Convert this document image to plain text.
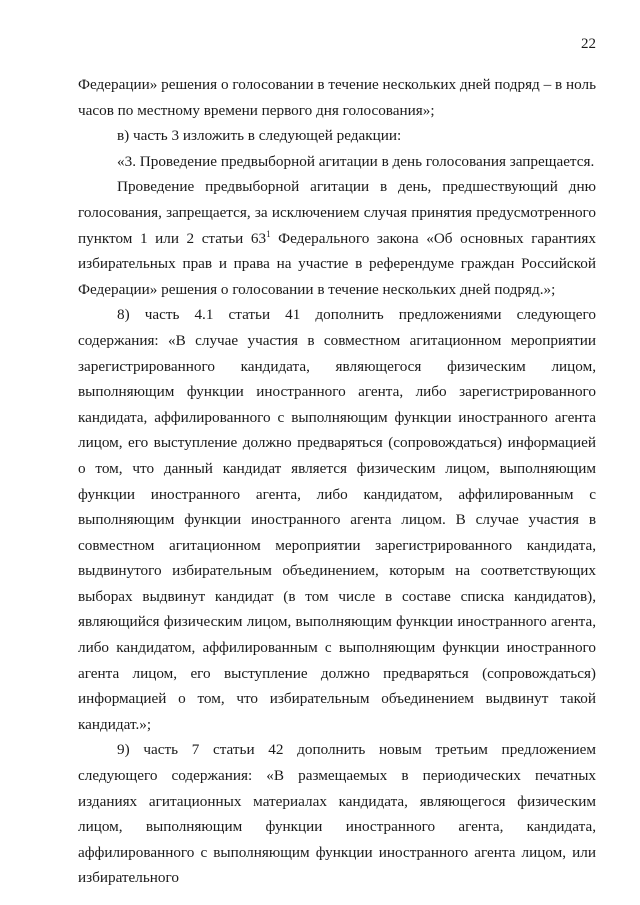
22

Федерации» решения о голосовании в течение нескольких дней подряд – в ноль часов по местному времени первого дня голосования»;

в) часть 3 изложить в следующей редакции:

«3. Проведение предвыборной агитации в день голосования запрещается.

Проведение предвыборной агитации в день, предшествующий дню голосования, запрещается, за исключением случая принятия предусмотренного пунктом 1 или 2 статьи $63^1$ Федерального закона «Об основных гарантиях избирательных прав и права на участие в референдуме граждан Российской Федерации» решения о голосовании в течение нескольких дней подряд.»;

8) часть 4.1 статьи 41 дополнить предложениями следующего содержания: «В случае участия в совместном агитационном мероприятии зарегистрированного кандидата, являющегося физическим лицом, выполняющим функции иностранного агента, либо зарегистрированного кандидата, аффилированного с выполняющим функции иностранного агента лицом, его выступление должно предваряться (сопровождаться) информацией о том, что данный кандидат является физическим лицом, выполняющим функции иностранного агента, либо кандидатом, аффилированным с выполняющим функции иностранного агента лицом. В случае участия в совместном агитационном мероприятии зарегистрированного кандидата, выдвинутого избирательным объединением, которым на соответствующих выборах выдвинут кандидат (в том числе в составе списка кандидатов), являющийся физическим лицом, выполняющим функции иностранного агента, либо кандидатом, аффилированным с выполняющим функции иностранного агента лицом, его выступление должно предваряться (сопровождаться) информацией о том, что избирательным объединением выдвинут такой кандидат.»;

9) часть 7 статьи 42 дополнить новым третьим предложением следующего содержания: «В размещаемых в периодических печатных изданиях агитационных материалах кандидата, являющегося физическим лицом, выполняющим функции иностранного агента, кандидата, аффилированного с выполняющим функции иностранного агента лицом, или избирательного
